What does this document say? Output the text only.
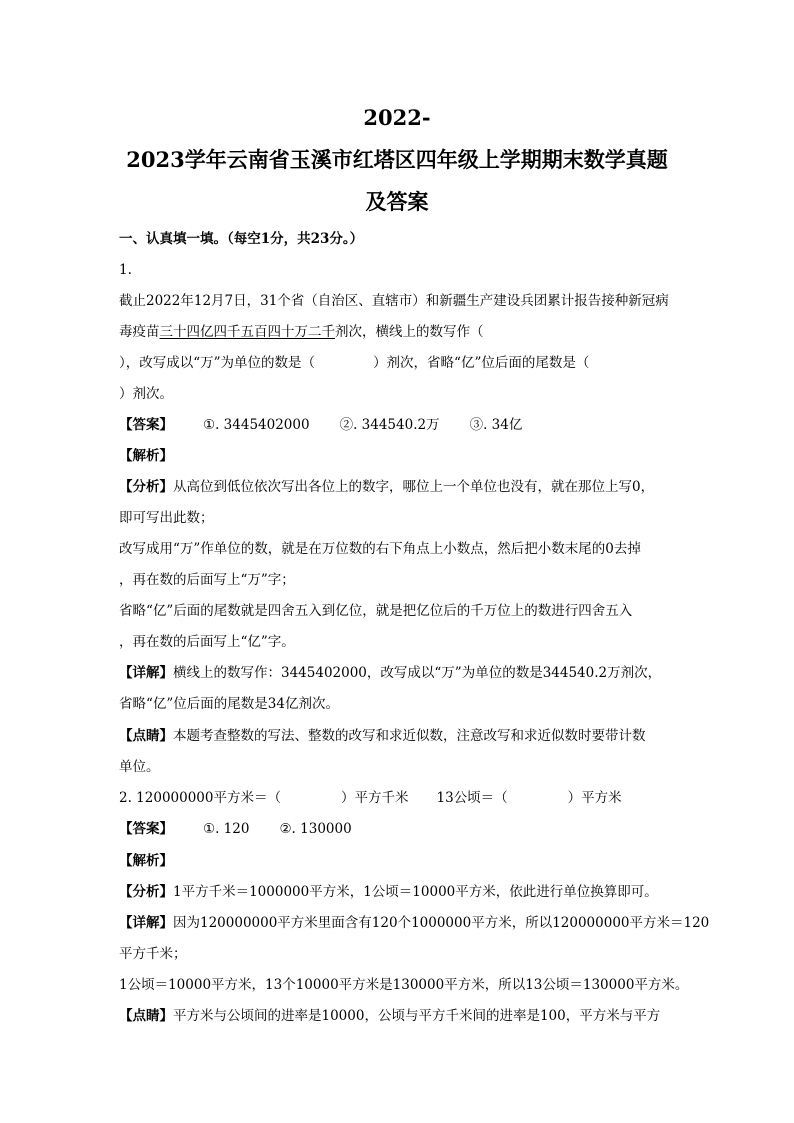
2022-
2023学年云南省玉溪市红塔区四年级上学期期末数学真题
及答案
一、认真填一填。（每空1分，共23分。）
1.
截止2022年12月7日，31个省（自治区、直辖市）和新疆生产建设兵团累计报告接种新冠病
毒疫苗三十四亿四千五百四十万二千剂次，横线上的数写作（
），改写成以“万”为单位的数是（	）剂次，省略“亿”位后面的尾数是（
）剂次。
【答案】 ①. 3445402000 ②. 344540.2万 ③. 34亿
【解析】
【分析】从高位到低位依次写出各位上的数字，哪位上一个单位也没有，就在那位上写0，
即可写出此数；
改写成用“万”作单位的数，就是在万位数的右下角点上小数点，然后把小数末尾的0去掉
，再在数的后面写上“万”字；
省略“亿”后面的尾数就是四舍五入到亿位，就是把亿位后的千万位上的数进行四舍五入
，再在数的后面写上“亿”字。
【详解】横线上的数写作：3445402000，改写成以“万”为单位的数是344540.2万剂次，
省略“亿”位后面的尾数是34亿剂次。
【点睛】本题考查整数的写法、整数的改写和求近似数，注意改写和求近似数时要带计数
单位。
2. 120000000平方米＝（	）平方千米 13公顷＝（	）平方米
【答案】 ①. 120 ②. 130000
【解析】
【分析】1平方千米＝1000000平方米，1公顷＝10000平方米，依此进行单位换算即可。
【详解】因为120000000平方米里面含有120个1000000平方米，所以120000000平方米＝120
平方千米；
1公顷＝10000平方米，13个10000平方米是130000平方米，所以13公顷＝130000平方米。
【点睛】平方米与公顷间的进率是10000，公顷与平方千米间的进率是100，平方米与平方
